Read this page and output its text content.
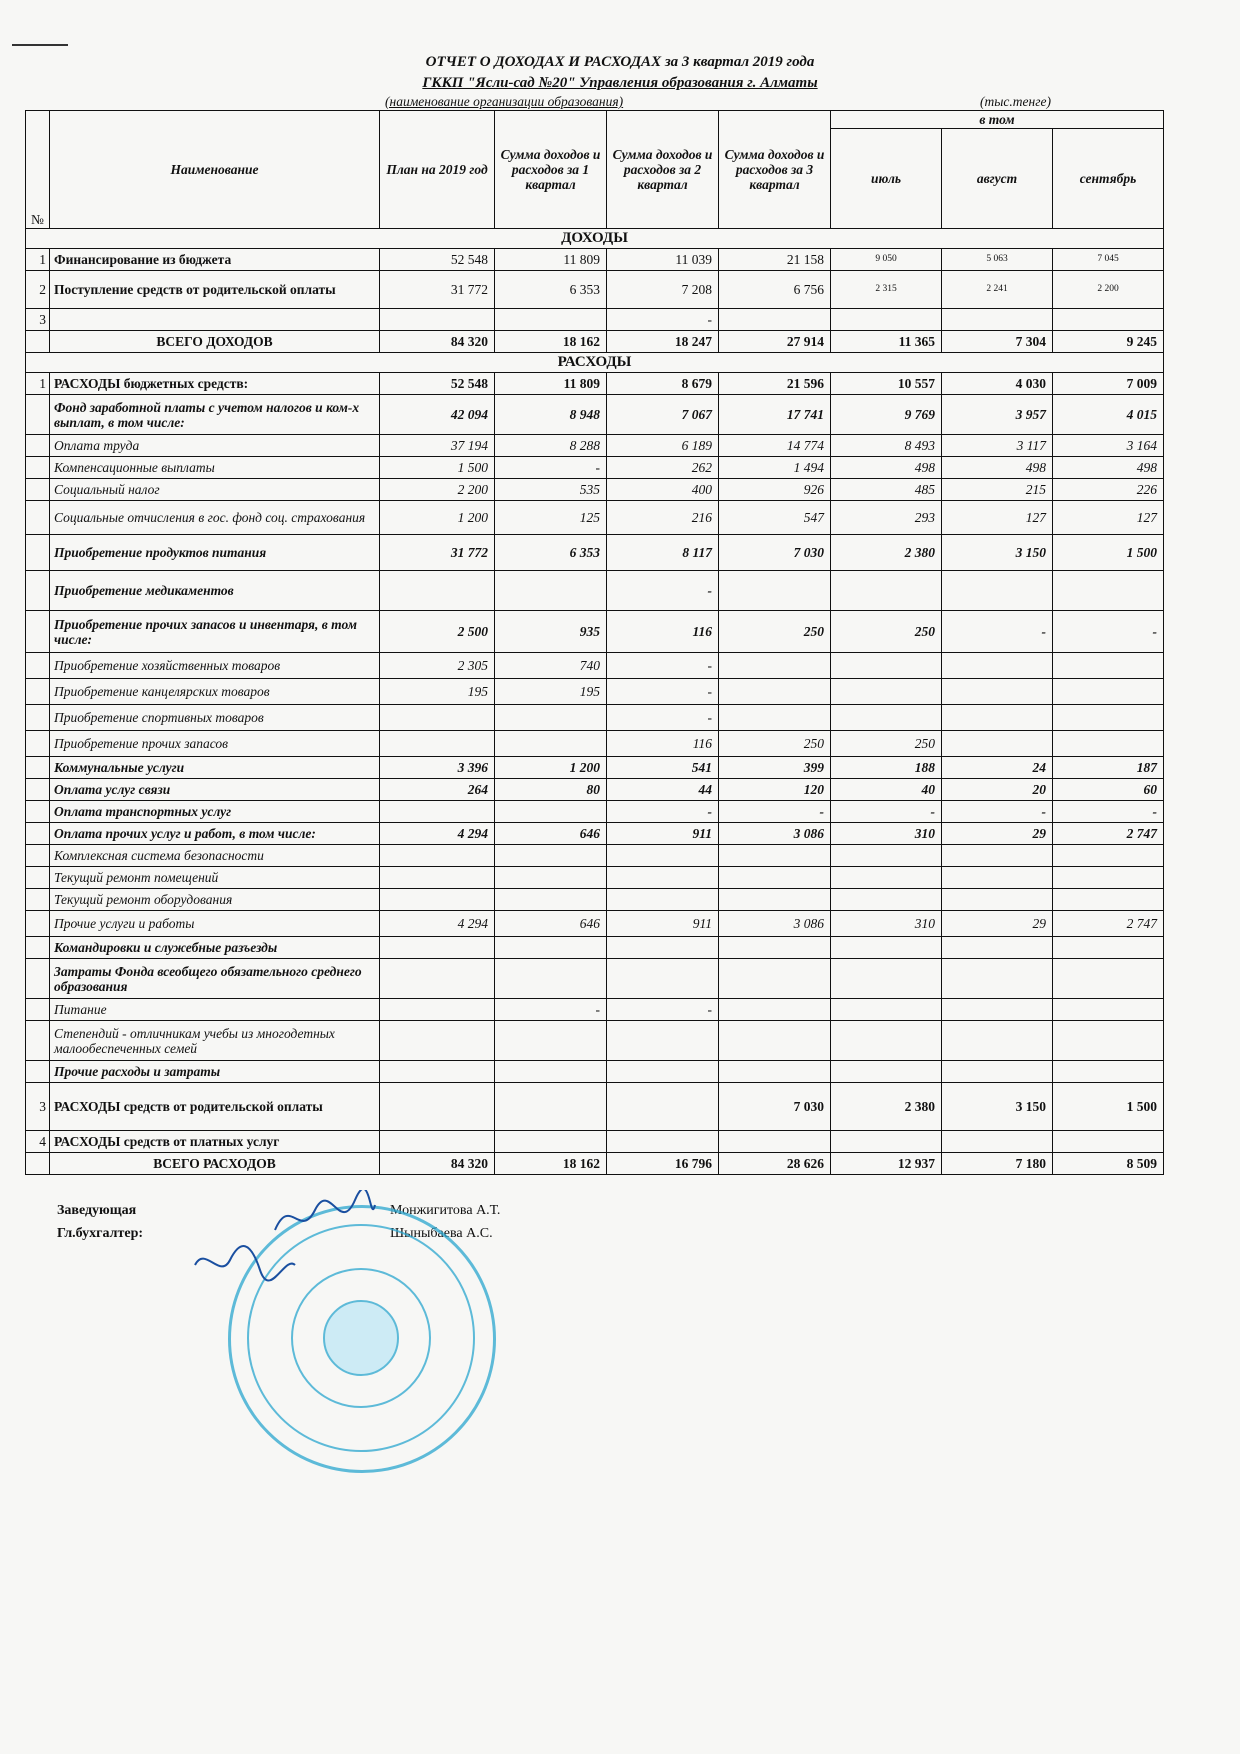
ОТЧЕТ О ДОХОДАХ И РАСХОДАХ за 3 квартал 2019 года
ГККП "Ясли-сад №20" Управления образования г. Алматы
(наименование организации образования)	(тыс.тенге)
№	Наименование	План на 2019 год	Сумма доходов и расходов за 1 квартал	Сумма доходов и расходов за 2 квартал	Сумма доходов и расходов за 3 квартал	в том		
						июль	август	сентябрь
ДОХОДЫ								
1	Финансирование из бюджета	52 548	11 809	11 039	21 158	9 050	5 063	7 045
2	Поступление средств от родительской оплаты	31 772	6 353	7 208	6 756	2 315	2 241	2 200
3				-				
	ВСЕГО ДОХОДОВ	84 320	18 162	18 247	27 914	11 365	7 304	9 245
РАСХОДЫ								
1	РАСХОДЫ бюджетных средств:	52 548	11 809	8 679	21 596	10 557	4 030	7 009
	Фонд заработной платы с учетом налогов и ком-х выплат, в том числе:	42 094	8 948	7 067	17 741	9 769	3 957	4 015
	Оплата труда	37 194	8 288	6 189	14 774	8 493	3 117	3 164
	Компенсационные выплаты	1 500	-	262	1 494	498	498	498
	Социальный налог	2 200	535	400	926	485	215	226
	Социальные отчисления в гос. фонд соц. страхования	1 200	125	216	547	293	127	127
	Приобретение продуктов питания	31 772	6 353	8 117	7 030	2 380	3 150	1 500
	Приобретение медикаментов			-				
	Приобретение прочих запасов и инвентаря, в том числе:	2 500	935	116	250	250	-	-
	Приобретение хозяйственных товаров	2 305	740	-				
	Приобретение канцелярских товаров	195	195	-				
	Приобретение спортивных товаров			-				
	Приобретение прочих запасов			116	250	250		
	Коммунальные услуги	3 396	1 200	541	399	188	24	187
	Оплата услуг связи	264	80	44	120	40	20	60
	Оплата транспортных услуг			-	-	-	-	-
	Оплата прочих услуг и работ, в том числе:	4 294	646	911	3 086	310	29	2 747
	Комплексная система безопасности							
	Текущий ремонт помещений							
	Текущий ремонт оборудования							
	Прочие услуги и работы	4 294	646	911	3 086	310	29	2 747
	Командировки и служебные разъезды							
	Затраты Фонда всеобщего обязательного среднего образования							
	Питание		-	-				
	Степендий - отличникам учебы из многодетных малообеспеченных семей							
	Прочие расходы и затраты							
3	РАСХОДЫ средств от родительской оплаты				7 030	2 380	3 150	1 500
4	РАСХОДЫ средств от платных услуг							
	ВСЕГО РАСХОДОВ	84 320	18 162	16 796	28 626	12 937	7 180	8 509
Заведующая	Монжигитова А.Т.
Гл.бухгалтер:	Шыныбаева А.С.
